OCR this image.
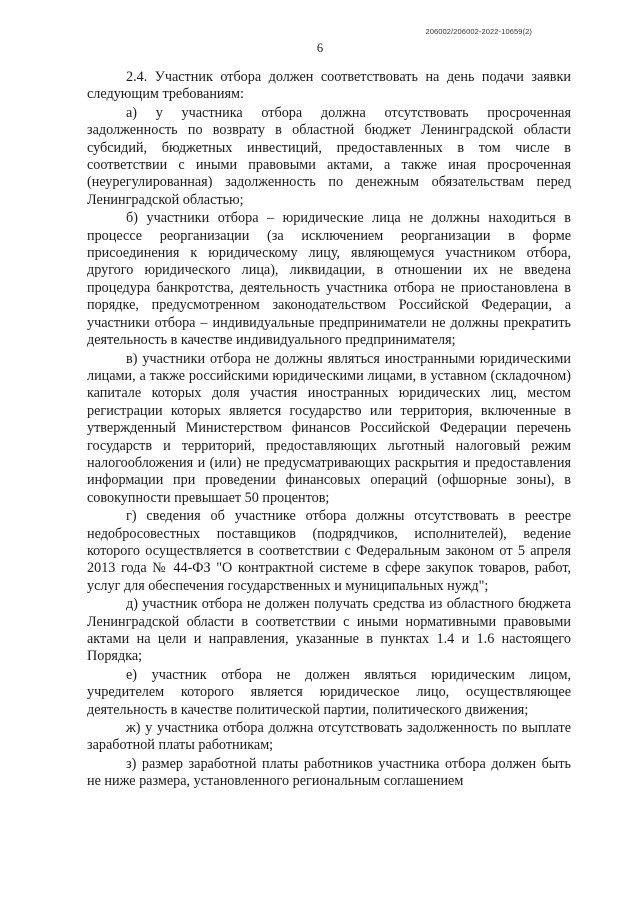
206002/206002-2022-10659(2)
6

2.4. Участник отбора должен соответствовать на день подачи заявки следующим требованиям:

а) у участника отбора должна отсутствовать просроченная задолженность по возврату в областной бюджет Ленинградской области субсидий, бюджетных инвестиций, предоставленных в том числе в соответствии с иными правовыми актами, а также иная просроченная (неурегулированная) задолженность по денежным обязательствам перед Ленинградской областью;

б) участники отбора – юридические лица не должны находиться в процессе реорганизации (за исключением реорганизации в форме присоединения к юридическому лицу, являющемуся участником отбора, другого юридического лица), ликвидации, в отношении их не введена процедура банкротства, деятельность участника отбора не приостановлена в порядке, предусмотренном законодательством Российской Федерации, а участники отбора – индивидуальные предприниматели не должны прекратить деятельность в качестве индивидуального предпринимателя;

в) участники отбора не должны являться иностранными юридическими лицами, а также российскими юридическими лицами, в уставном (складочном) капитале которых доля участия иностранных юридических лиц, местом регистрации которых является государство или территория, включенные в утвержденный Министерством финансов Российской Федерации перечень государств и территорий, предоставляющих льготный налоговый режим налогообложения и (или) не предусматривающих раскрытия и предоставления информации при проведении финансовых операций (офшорные зоны), в совокупности превышает 50 процентов;

г) сведения об участнике отбора должны отсутствовать в реестре недобросовестных поставщиков (подрядчиков, исполнителей), ведение которого осуществляется в соответствии с Федеральным законом от 5 апреля 2013 года № 44-ФЗ "О контрактной системе в сфере закупок товаров, работ, услуг для обеспечения государственных и муниципальных нужд";

д) участник отбора не должен получать средства из областного бюджета Ленинградской области в соответствии с иными нормативными правовыми актами на цели и направления, указанные в пунктах 1.4 и 1.6 настоящего Порядка;

е) участник отбора не должен являться юридическим лицом, учредителем которого является юридическое лицо, осуществляющее деятельность в качестве политической партии, политического движения;

ж) у участника отбора должна отсутствовать задолженность по выплате заработной платы работникам;

з) размер заработной платы работников участника отбора должен быть не ниже размера, установленного региональным соглашением
